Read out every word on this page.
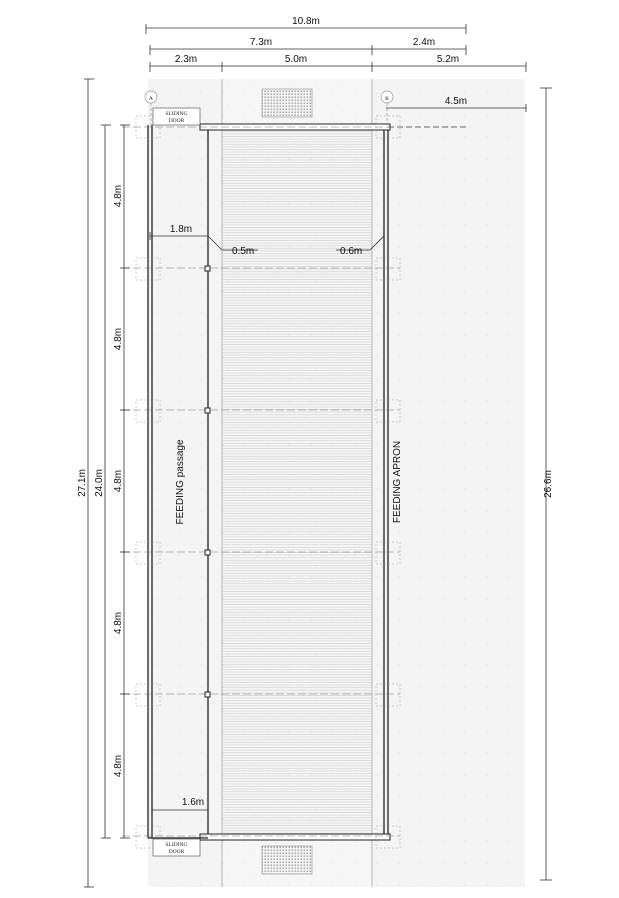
A	B
SLIDING
DOOR
SLIDING
DOOR
10.8m
7.3m	2.4m
2.3m	5.0m	5.2m
4.5m
1.8m
0.5m	0.6m
1.6m
27.1m 24.0m
4.8m
4.8m
4.8m
4.8m
4.8m
26.6m
FEEDING passage	FEEDING APRON
